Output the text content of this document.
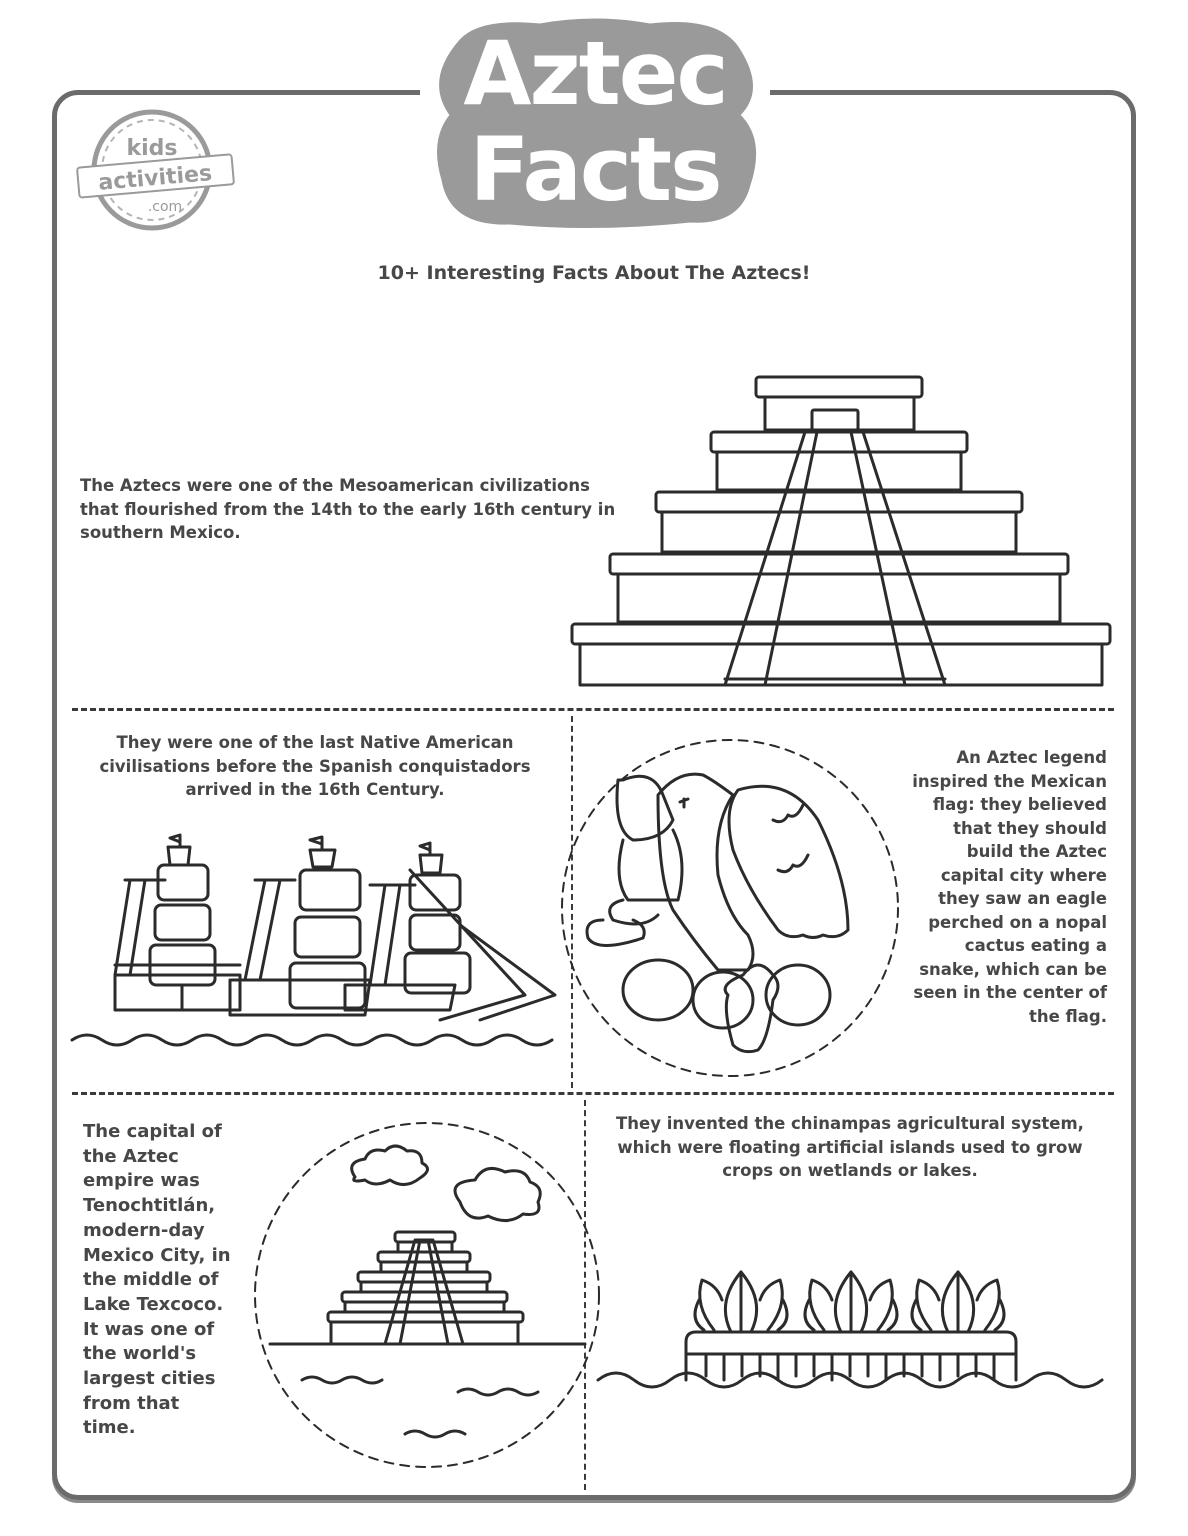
Aztec
Facts
kids
activities
.com
10+ Interesting Facts About The Aztecs!
The Aztecs were one of the Mesoamerican civilizations that flourished from the 14th to the early 16th century in southern Mexico.
They were one of the last Native American civilisations before the Spanish conquistadors arrived in the 16th Century.
An Aztec legend inspired the Mexican flag: they believed that they should build the Aztec capital city where they saw an eagle perched on a nopal cactus eating a snake, which can be seen in the center of the flag.
The capital of the Aztec empire was Tenochtitlán, modern-day Mexico City, in the middle of Lake Texcoco. It was one of the world's largest cities from that time.
They invented the chinampas agricultural system, which were floating artificial islands used to grow crops on wetlands or lakes.
